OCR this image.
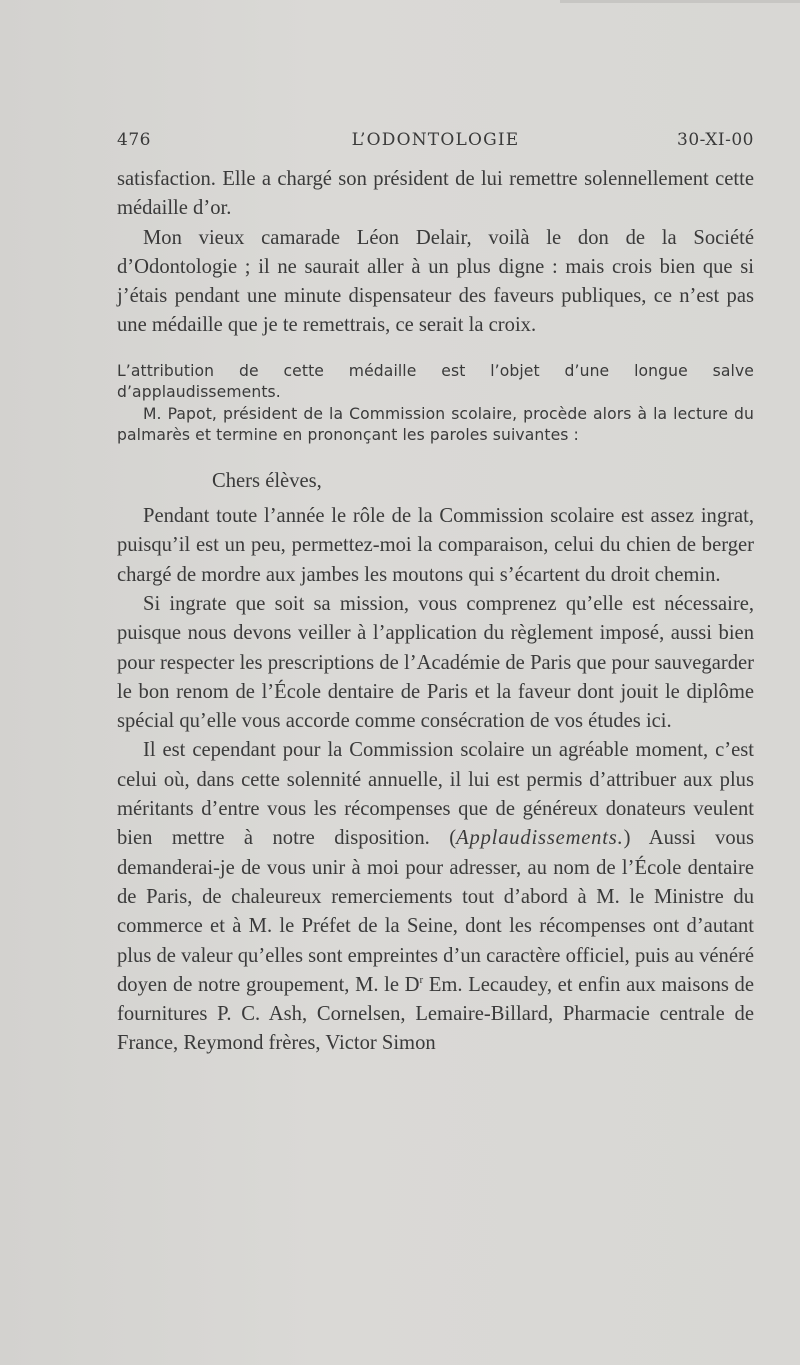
476	L’ODONTOLOGIE	30-XI-00

satisfaction. Elle a chargé son président de lui remettre solennellement cette médaille d’or.

Mon vieux camarade Léon Delair, voilà le don de la Société d’Odontologie ; il ne saurait aller à un plus digne : mais crois bien que si j’étais pendant une minute dispensateur des faveurs publiques, ce n’est pas une médaille que je te remettrais, ce serait la croix.

L’attribution de cette médaille est l’objet d’une longue salve d’applaudissements.

M. Papot, président de la Commission scolaire, procède alors à la lecture du palmarès et termine en prononçant les paroles suivantes :

Chers élèves,

Pendant toute l’année le rôle de la Commission scolaire est assez ingrat, puisqu’il est un peu, permettez-moi la comparaison, celui du chien de berger chargé de mordre aux jambes les moutons qui s’écartent du droit chemin.

Si ingrate que soit sa mission, vous comprenez qu’elle est nécessaire, puisque nous devons veiller à l’application du règlement imposé, aussi bien pour respecter les prescriptions de l’Académie de Paris que pour sauvegarder le bon renom de l’École dentaire de Paris et la faveur dont jouit le diplôme spécial qu’elle vous accorde comme consécration de vos études ici.

Il est cependant pour la Commission scolaire un agréable moment, c’est celui où, dans cette solennité annuelle, il lui est permis d’attribuer aux plus méritants d’entre vous les récompenses que de généreux donateurs veulent bien mettre à notre disposition. (Applaudissements.) Aussi vous demanderai-je de vous unir à moi pour adresser, au nom de l’École dentaire de Paris, de chaleureux remerciements tout d’abord à M. le Ministre du commerce et à M. le Préfet de la Seine, dont les récompenses ont d’autant plus de valeur qu’elles sont empreintes d’un caractère officiel, puis au vénéré doyen de notre groupement, M. le $D^r$ Em. Lecaudey, et enfin aux maisons de fournitures P. C. Ash, Cornelsen, Lemaire-Billard, Pharmacie centrale de France, Reymond frères, Victor Simon
